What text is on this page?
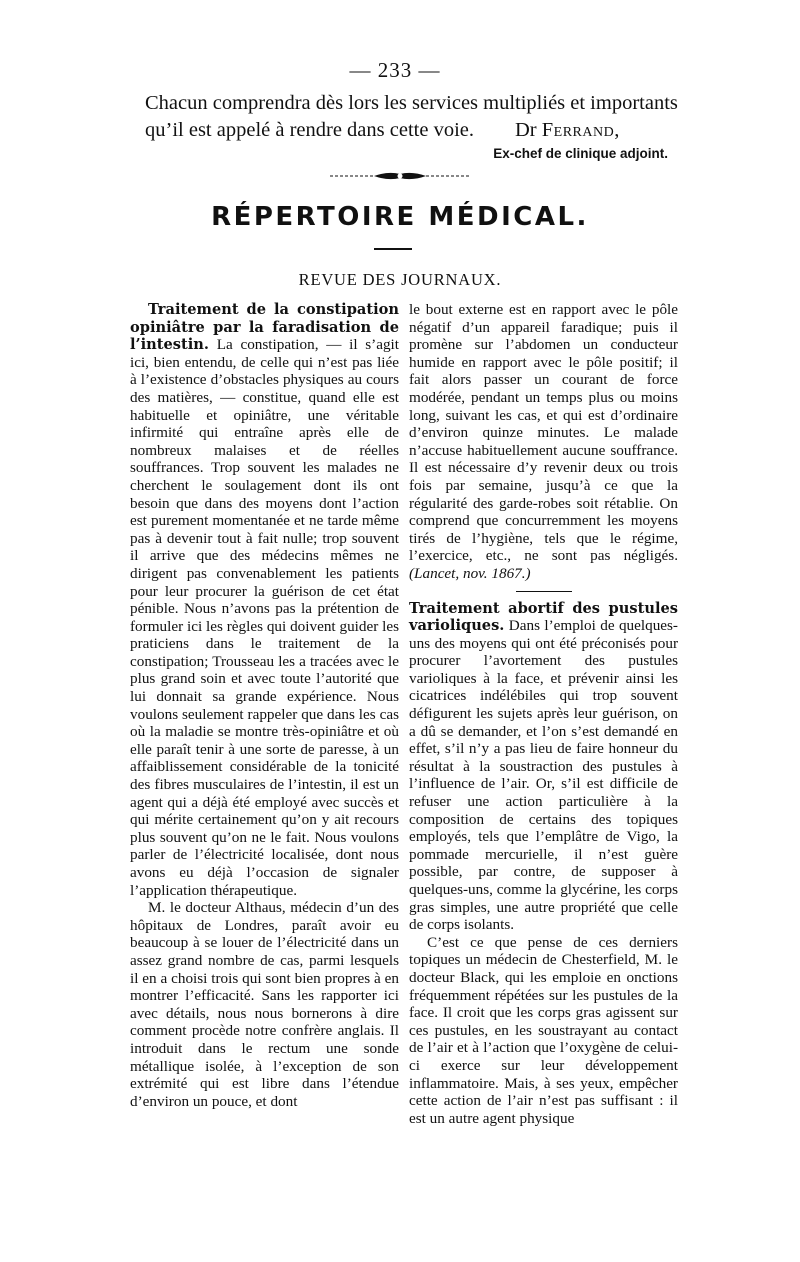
— 233 —
Chacun comprendra dès lors les services multipliés et importants
qu’il est appelé à rendre dans cette voie.	Dr Ferrand,
Ex-chef de clinique adjoint.
RÉPERTOIRE MÉDICAL.
REVUE DES JOURNAUX.

Traitement de la constipation opiniâtre par la faradisation de l’intestin. La constipation, — il s’agit ici, bien entendu, de celle qui n’est pas liée à l’existence d’obstacles physiques au cours des matières, — constitue, quand elle est habituelle et opiniâtre, une véritable infirmité qui entraîne après elle de nombreux malaises et de réelles souffrances. Trop souvent les malades ne cherchent le soulagement dont ils ont besoin que dans des moyens dont l’action est purement momentanée et ne tarde même pas à devenir tout à fait nulle; trop souvent il arrive que des médecins mêmes ne dirigent pas convenablement les patients pour leur procurer la guérison de cet état pénible. Nous n’avons pas la prétention de formuler ici les règles qui doivent guider les praticiens dans le traitement de la constipation; Trousseau les a tracées avec le plus grand soin et avec toute l’autorité que lui donnait sa grande expérience. Nous voulons seulement rappeler que dans les cas où la maladie se montre très-opiniâtre et où elle paraît tenir à une sorte de paresse, à un affaiblissement considérable de la tonicité des fibres musculaires de l’intestin, il est un agent qui a déjà été employé avec succès et qui mérite certainement qu’on y ait recours plus souvent qu’on ne le fait. Nous voulons parler de l’électricité localisée, dont nous avons eu déjà l’occasion de signaler l’application thérapeutique.

M. le docteur Althaus, médecin d’un des hôpitaux de Londres, paraît avoir eu beaucoup à se louer de l’électricité dans un assez grand nombre de cas, parmi lesquels il en a choisi trois qui sont bien propres à en montrer l’efficacité. Sans les rapporter ici avec détails, nous nous bornerons à dire comment procède notre confrère anglais. Il introduit dans le rectum une sonde métallique isolée, à l’exception de son extrémité qui est libre dans l’étendue d’environ un pouce, et dont

le bout externe est en rapport avec le pôle négatif d’un appareil faradique; puis il promène sur l’abdomen un conducteur humide en rapport avec le pôle positif; il fait alors passer un courant de force modérée, pendant un temps plus ou moins long, suivant les cas, et qui est d’ordinaire d’environ quinze minutes. Le malade n’accuse habituellement aucune souffrance. Il est nécessaire d’y revenir deux ou trois fois par semaine, jusqu’à ce que la régularité des garde-robes soit rétablie. On comprend que concurremment les moyens tirés de l’hygiène, tels que le régime, l’exercice, etc., ne sont pas négligés. (Lancet, nov. 1867.)

Traitement abortif des pustules varioliques. Dans l’emploi de quelques-uns des moyens qui ont été préconisés pour procurer l’avortement des pustules varioliques à la face, et prévenir ainsi les cicatrices indélébiles qui trop souvent défigurent les sujets après leur guérison, on a dû se demander, et l’on s’est demandé en effet, s’il n’y a pas lieu de faire honneur du résultat à la soustraction des pustules à l’influence de l’air. Or, s’il est difficile de refuser une action particulière à la composition de certains des topiques employés, tels que l’emplâtre de Vigo, la pommade mercurielle, il n’est guère possible, par contre, de supposer à quelques-uns, comme la glycérine, les corps gras simples, une autre propriété que celle de corps isolants.

C’est ce que pense de ces derniers topiques un médecin de Chesterfield, M. le docteur Black, qui les emploie en onctions fréquemment répétées sur les pustules de la face. Il croit que les corps gras agissent sur ces pustules, en les soustrayant au contact de l’air et à l’action que l’oxygène de celui-ci exerce sur leur développement inflammatoire. Mais, à ses yeux, empêcher cette action de l’air n’est pas suffisant : il est un autre agent physique
